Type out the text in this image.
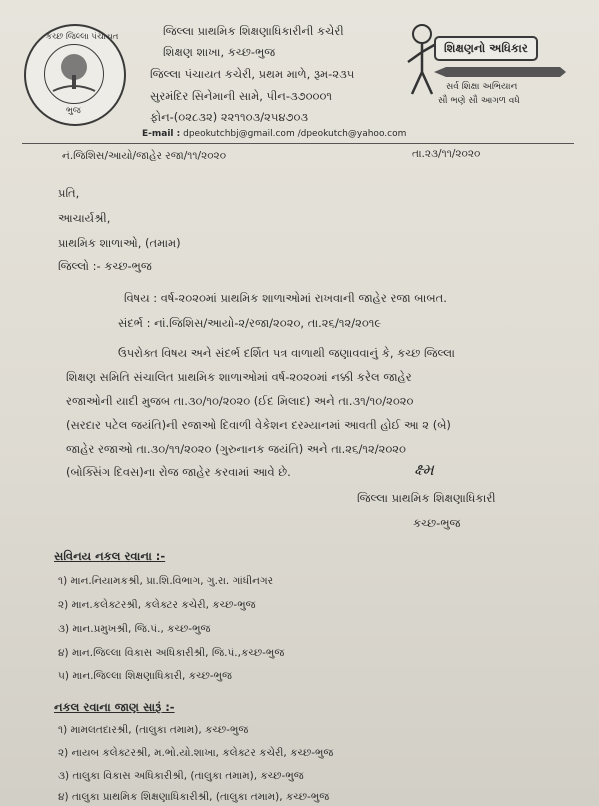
કચ્છ જિલ્લા પંચાયત
ભુજ
જિલ્લા પ્રાથમિક શિક્ષણાધિકારીની કચેરી
શિક્ષણ શાખા, કચ્છ-ભુજ
જિલ્લા પંચાયત કચેરી, પ્રથમ માળે, રૂમ-૨૩૫
સુરમંદિર સિનેમાની સામે, પીન-૩૭૦૦૦૧
ફોન-(૦૨૮૩૨) ૨૨૧૧૦૩/૨૫૪૭૦૩
E-mail : dpeokutchbj@gmail.com /dpeokutch@yahoo.com
શિક્ષણનો અધિકાર
સર્વ શિક્ષા અભિયાન
સૌ ભણે સૌ આગળ વધે
નં.જિશિસ/આયો/જાહેર રજા/૧૧/૨૦૨૦	તા.૨૩/૧૧/૨૦૨૦
પ્રતિ,
આચાર્યશ્રી,
પ્રાથમિક શાળાઓ, (તમામ)
જિલ્લો :- કચ્છ-ભુજ
વિષય : વર્ષ-૨૦૨૦માં પ્રાથમિક શાળાઓમાં રાખવાની જાહેર રજા બાબત.
સંદર્ભ : નાં.જિશિસ/આયો-૨/રજા/૨૦૨૦, તા.૨૬/૧૨/૨૦૧૯
ઉપરોક્ત વિષય અને સંદર્ભ દર્શિત પત્ર વાળાથી જણાવવાનું કે, કચ્છ જિલ્લા
શિક્ષણ સમિતિ સંચાલિત પ્રાથમિક શાળાઓમાં વર્ષ-૨૦૨૦માં નક્કી કરેલ જાહેર
રજાઓની યાદી મુજબ તા.૩૦/૧૦/૨૦૨૦ (ઈદ મિલાદ) અને તા.૩૧/૧૦/૨૦૨૦
(સરદાર પટેલ જયંતિ)ની રજાઓ દિવાળી વેકેશન દરમ્યાનમાં આવતી હોઈ આ ૨ (બે)
જાહેર રજાઓ તા.૩૦/૧૧/૨૦૨૦ (ગુરુનાનક જયંતિ) અને તા.૨૬/૧૨/૨૦૨૦
(બોક્સિંગ દિવસ)ના રોજ જાહેર કરવામાં આવે છે.	ક્ષ્મ
જિલ્લા પ્રાથમિક શિક્ષણાધિકારી
કચ્છ-ભુજ
સવિનય નકલ રવાના :-
૧) માન.નિયામકશ્રી, પ્રા.શિ.વિભાગ, ગુ.રા. ગાંધીનગર
૨) માન.કલેક્ટરશ્રી, કલેક્ટર કચેરી, કચ્છ-ભુજ
૩) માન.પ્રમુખશ્રી, જિ.પં., કચ્છ-ભુજ
૪) માન.જિલ્લા વિકાસ અધિકારીશ્રી, જિ.પં.,કચ્છ-ભુજ
૫) માન.જિલ્લા શિક્ષણાધિકારી, કચ્છ-ભુજ
નકલ રવાના જાણ સારૂં :-
૧) મામલતદારશ્રી, (તાલુકા તમામ), કચ્છ-ભુજ
૨) નાયબ કલેક્ટરશ્રી, મ.ભો.યો.શાખા, કલેક્ટર કચેરી, કચ્છ-ભુજ
૩) તાલુકા વિકાસ અધિકારીશ્રી, (તાલુકા તમામ), કચ્છ-ભુજ
૪) તાલુકા પ્રાથમિક શિક્ષણાધિકારીશ્રી, (તાલુકા તમામ), કચ્છ-ભુજ
